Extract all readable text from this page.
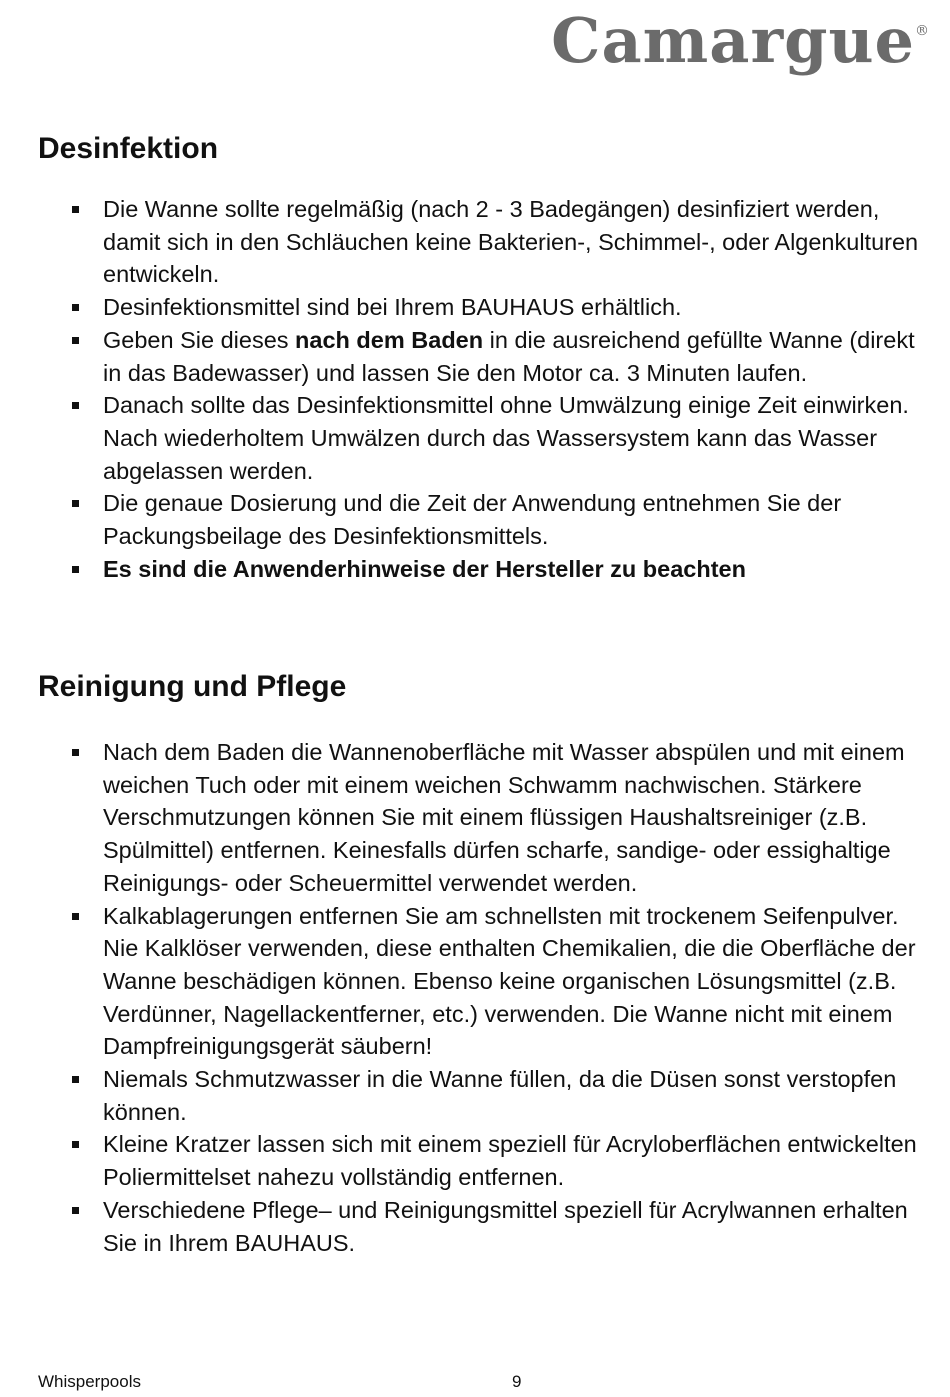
Camargue®
Desinfektion
Die Wanne sollte regelmäßig (nach 2 - 3 Badegängen) desinfiziert werden, damit sich in den Schläuchen keine Bakterien-, Schimmel-, oder Algenkulturen entwickeln.
Desinfektionsmittel sind bei Ihrem BAUHAUS erhältlich.
Geben Sie dieses nach dem Baden in die ausreichend gefüllte Wanne (direkt in das Badewasser) und lassen Sie den Motor ca. 3 Minuten laufen.
Danach sollte das Desinfektionsmittel ohne Umwälzung einige Zeit einwirken. Nach wiederholtem Umwälzen durch das Wassersystem kann das Wasser abgelassen werden.
Die genaue Dosierung und die Zeit der Anwendung entnehmen Sie der Packungsbeilage des Desinfektionsmittels.
Es sind die Anwenderhinweise der Hersteller zu beachten
Reinigung und Pflege
Nach dem Baden die Wannenoberfläche mit Wasser abspülen und mit einem weichen Tuch oder mit einem weichen Schwamm nachwischen. Stärkere Verschmutzungen können Sie mit einem flüssigen Haushaltsreiniger (z.B. Spülmittel) entfernen. Keinesfalls dürfen scharfe, sandige- oder essighaltige Reinigungs- oder Scheuermittel verwendet werden.
Kalkablagerungen entfernen Sie am schnellsten mit trockenem Seifenpulver. Nie Kalklöser verwenden, diese enthalten Chemikalien, die die Oberfläche der Wanne beschädigen können. Ebenso keine organischen Lösungsmittel (z.B. Verdünner, Nagellackentferner, etc.) verwenden. Die Wanne nicht mit einem Dampfreinigungsgerät säubern!
Niemals Schmutzwasser in die Wanne füllen, da die Düsen sonst verstopfen können.
Kleine Kratzer lassen sich mit einem speziell für Acryloberflächen entwickelten Poliermittelset nahezu vollständig entfernen.
Verschiedene Pflege– und Reinigungsmittel speziell für Acrylwannen erhalten Sie in Ihrem BAUHAUS.
Whisperpools	9
